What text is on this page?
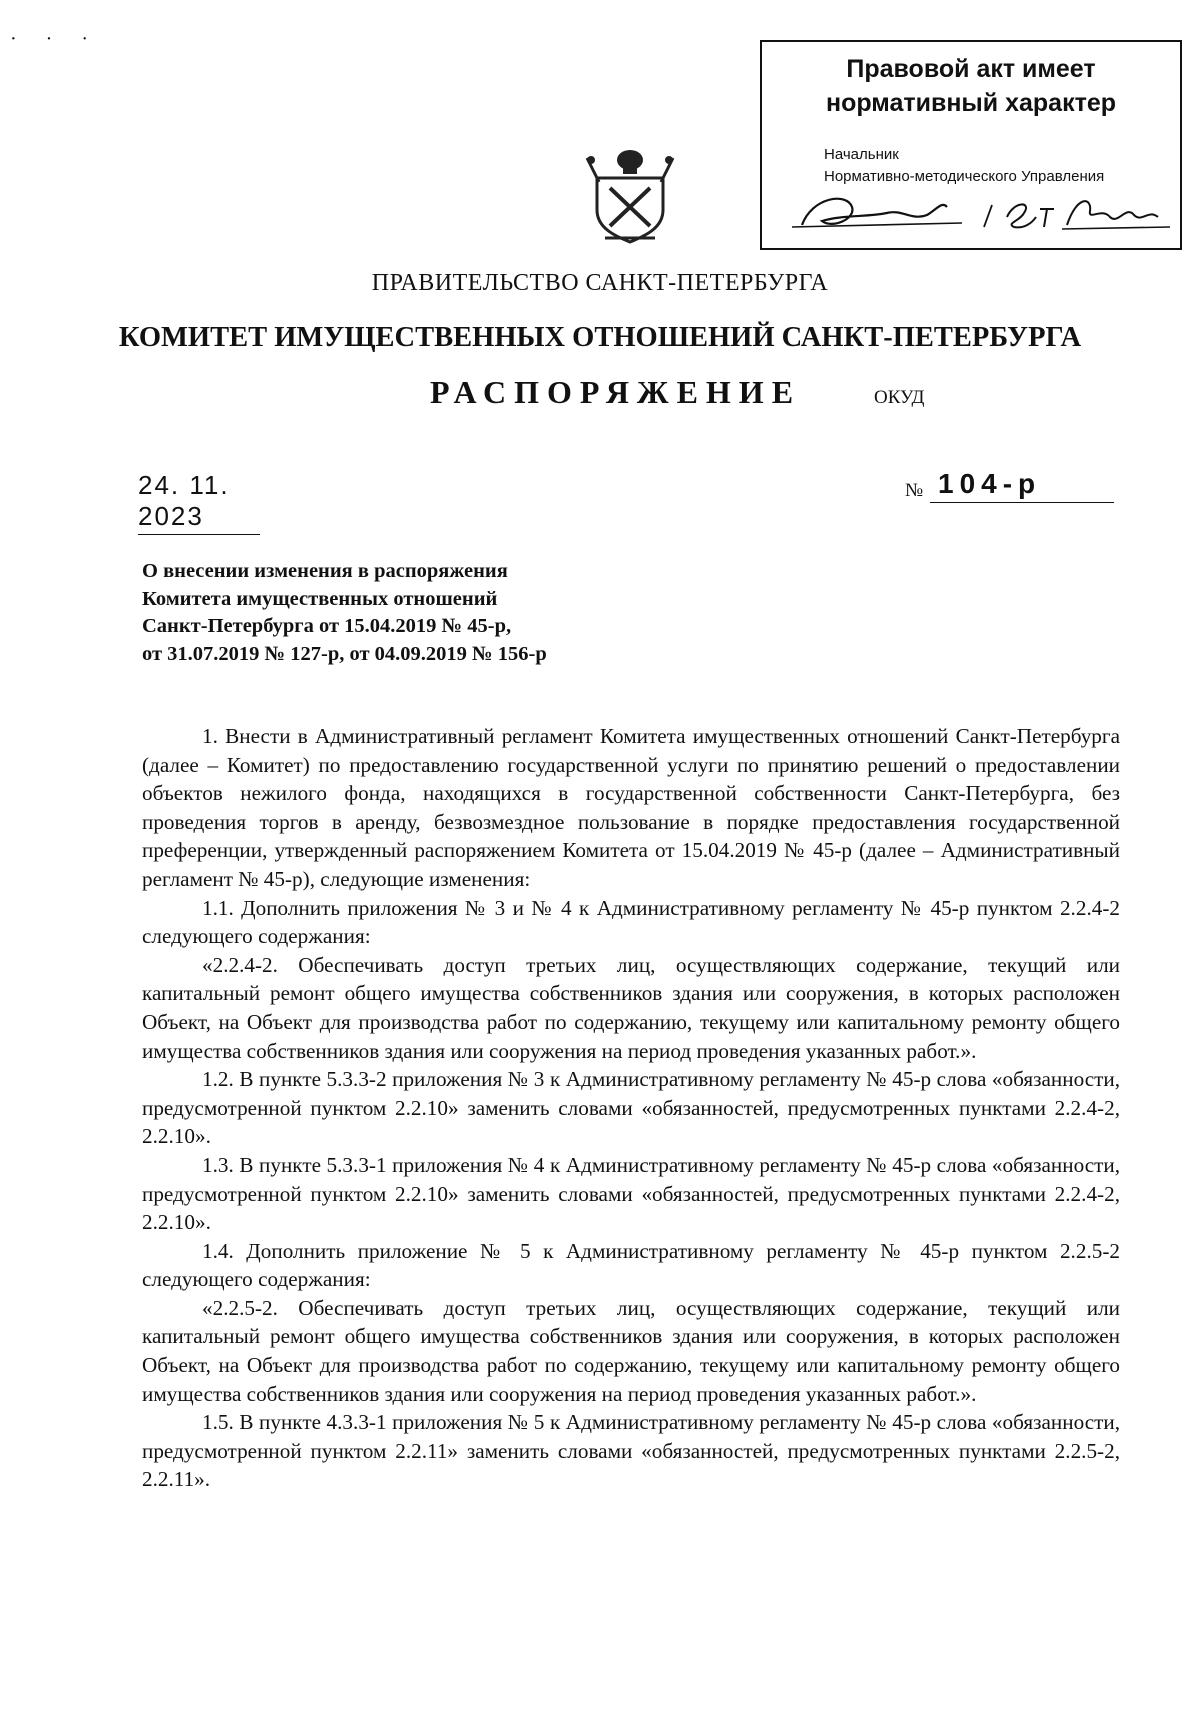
· · ·
Правовой акт имеет
нормативный характер
Начальник
Нормативно-методического Управления
ПРАВИТЕЛЬСТВО САНКТ-ПЕТЕРБУРГА
КОМИТЕТ ИМУЩЕСТВЕННЫХ ОТНОШЕНИЙ САНКТ-ПЕТЕРБУРГА
РАСПОРЯЖЕНИЕ	ОКУД
24. 11. 2023
№ 104-р
О внесении изменения в распоряжения
Комитета имущественных отношений
Санкт-Петербурга от 15.04.2019 № 45-р,
от 31.07.2019 № 127-р, от 04.09.2019 № 156-р

1. Внести в Административный регламент Комитета имущественных отношений Санкт-Петербурга (далее – Комитет) по предоставлению государственной услуги по принятию решений о предоставлении объектов нежилого фонда, находящихся в государственной собственности Санкт-Петербурга, без проведения торгов в аренду, безвозмездное пользование в порядке предоставления государственной преференции, утвержденный распоряжением Комитета от 15.04.2019 № 45-р (далее – Административный регламент № 45-р), следующие изменения:

1.1. Дополнить приложения № 3 и № 4 к Административному регламенту № 45-р пунктом 2.2.4-2 следующего содержания:

«2.2.4-2. Обеспечивать доступ третьих лиц, осуществляющих содержание, текущий или капитальный ремонт общего имущества собственников здания или сооружения, в которых расположен Объект, на Объект для производства работ по содержанию, текущему или капитальному ремонту общего имущества собственников здания или сооружения на период проведения указанных работ.».

1.2. В пункте 5.3.3-2 приложения № 3 к Административному регламенту № 45-р слова «обязанности, предусмотренной пунктом 2.2.10» заменить словами «обязанностей, предусмотренных пунктами 2.2.4-2, 2.2.10».

1.3. В пункте 5.3.3-1 приложения № 4 к Административному регламенту № 45-р слова «обязанности, предусмотренной пунктом 2.2.10» заменить словами «обязанностей, предусмотренных пунктами 2.2.4-2, 2.2.10».

1.4. Дополнить приложение № 5 к Административному регламенту № 45-р пунктом 2.2.5-2 следующего содержания:

«2.2.5-2. Обеспечивать доступ третьих лиц, осуществляющих содержание, текущий или капитальный ремонт общего имущества собственников здания или сооружения, в которых расположен Объект, на Объект для производства работ по содержанию, текущему или капитальному ремонту общего имущества собственников здания или сооружения на период проведения указанных работ.».

1.5. В пункте 4.3.3-1 приложения № 5 к Административному регламенту № 45-р слова «обязанности, предусмотренной пунктом 2.2.11» заменить словами «обязанностей, предусмотренных пунктами 2.2.5-2, 2.2.11».
